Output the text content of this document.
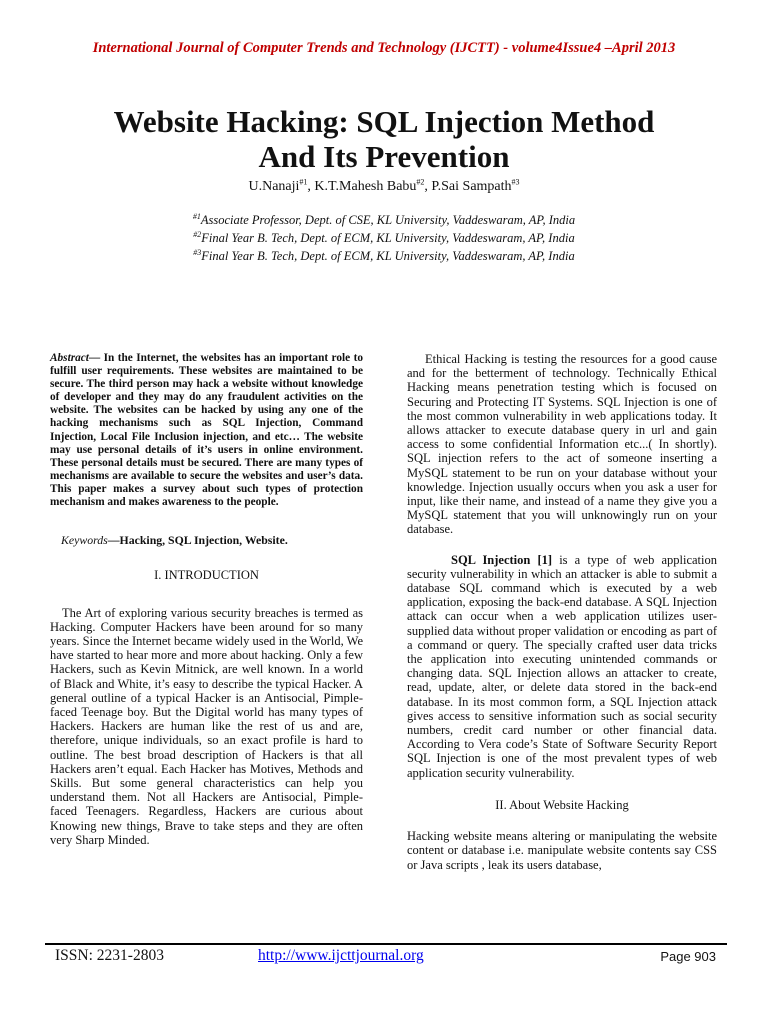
International Journal of Computer Trends and Technology (IJCTT) - volume4Issue4 –April 2013
Website Hacking: SQL Injection Method
And Its Prevention
U.Nanaji$^{\#1}$, K.T.Mahesh Babu$^{\#2}$, P.Sai Sampath$^{\#3}$
$^{\#1}$Associate Professor, Dept. of CSE, KL University, Vaddeswaram, AP, India
$^{\#2}$Final Year B. Tech, Dept. of ECM, KL University, Vaddeswaram, AP, India
$^{\#3}$Final Year B. Tech, Dept. of ECM, KL University, Vaddeswaram, AP, India

Abstract— In the Internet, the websites has an important role to fulfill user requirements. These websites are maintained to be secure. The third person may hack a website without knowledge of developer and they may do any fraudulent activities on the website. The websites can be hacked by using any one of the hacking mechanisms such as SQL Injection, Command Injection, Local File Inclusion injection, and etc… The website may use personal details of it’s users in online environment. These personal details must be secured. There are many types of mechanisms are available to secure the websites and user’s data. This paper makes a survey about such types of protection mechanism and makes awareness to the people.

Keywords—Hacking, SQL Injection, Website.

I. INTRODUCTION

The Art of exploring various security breaches is termed as Hacking. Computer Hackers have been around for so many years. Since the Internet became widely used in the World, We have started to hear more and more about hacking. Only a few Hackers, such as Kevin Mitnick, are well known. In a world of Black and White, it’s easy to describe the typical Hacker. A general outline of a typical Hacker is an Antisocial, Pimple-faced Teenage boy. But the Digital world has many types of Hackers. Hackers are human like the rest of us and are, therefore, unique individuals, so an exact profile is hard to outline. The best broad description of Hackers is that all Hackers aren’t equal. Each Hacker has Motives, Methods and Skills. But some general characteristics can help you understand them. Not all Hackers are Antisocial, Pimple- faced Teenagers. Regardless, Hackers are curious about Knowing new things, Brave to take steps and they are often very Sharp Minded.

Ethical Hacking is testing the resources for a good cause and for the betterment of technology. Technically Ethical Hacking means penetration testing which is focused on Securing and Protecting IT Systems. SQL Injection is one of the most common vulnerability in web applications today. It allows attacker to execute database query in url and gain access to some confidential Information etc...( In shortly). SQL injection refers to the act of someone inserting a MySQL statement to be run on your database without your knowledge. Injection usually occurs when you ask a user for input, like their name, and instead of a name they give you a MySQL statement that you will unknowingly run on your database.

SQL Injection [1] is a type of web application security vulnerability in which an attacker is able to submit a database SQL command which is executed by a web application, exposing the back-end database. A SQL Injection attack can occur when a web application utilizes user-supplied data without proper validation or encoding as part of a command or query. The specially crafted user data tricks the application into executing unintended commands or changing data. SQL Injection allows an attacker to create, read, update, alter, or delete data stored in the back-end database. In its most common form, a SQL Injection attack gives access to sensitive information such as social security numbers, credit card number or other financial data. According to Vera code’s State of Software Security Report SQL Injection is one of the most prevalent types of web application security vulnerability.

II. About Website Hacking

Hacking website means altering or manipulating the website content or database i.e. manipulate website contents say CSS or Java scripts , leak its users database,

ISSN: 2231-2803	http://www.ijcttjournal.org	Page 903
